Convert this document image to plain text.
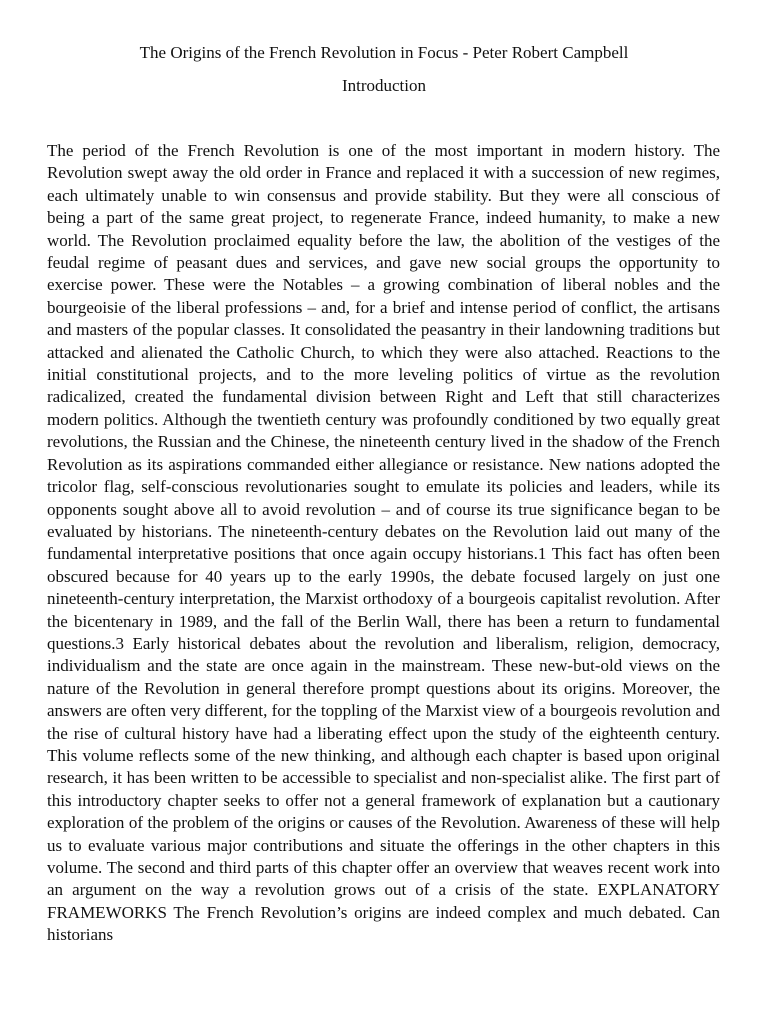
The Origins of the French Revolution in Focus - Peter Robert Campbell
Introduction

The period of the French Revolution is one of the most important in modern history. The Revolution swept away the old order in France and replaced it with a succession of new regimes, each ultimately unable to win consensus and provide stability. But they were all conscious of being a part of the same great project, to regenerate France, indeed humanity, to make a new world. The Revolution proclaimed equality before the law, the abolition of the vestiges of the feudal regime of peasant dues and services, and gave new social groups the opportunity to exercise power. These were the Notables – a growing combination of liberal nobles and the bourgeoisie of the liberal professions – and, for a brief and intense period of conflict, the artisans and masters of the popular classes. It consolidated the peasantry in their landowning traditions but attacked and alienated the Catholic Church, to which they were also attached. Reactions to the initial constitutional projects, and to the more leveling politics of virtue as the revolution radicalized, created the fundamental division between Right and Left that still characterizes modern politics. Although the twentieth century was profoundly conditioned by two equally great revolutions, the Russian and the Chinese, the nineteenth century lived in the shadow of the French Revolution as its aspirations commanded either allegiance or resistance. New nations adopted the tricolor flag, self-conscious revolutionaries sought to emulate its policies and leaders, while its opponents sought above all to avoid revolution – and of course its true significance began to be evaluated by historians. The nineteenth-century debates on the Revolution laid out many of the fundamental interpretative positions that once again occupy historians.1 This fact has often been obscured because for 40 years up to the early 1990s, the debate focused largely on just one nineteenth-century interpretation, the Marxist orthodoxy of a bourgeois capitalist revolution. After the bicentenary in 1989, and the fall of the Berlin Wall, there has been a return to fundamental questions.3 Early historical debates about the revolution and liberalism, religion, democracy, individualism and the state are once again in the mainstream. These new-but-old views on the nature of the Revolution in general therefore prompt questions about its origins. Moreover, the answers are often very different, for the toppling of the Marxist view of a bourgeois revolution and the rise of cultural history have had a liberating effect upon the study of the eighteenth century. This volume reflects some of the new thinking, and although each chapter is based upon original research, it has been written to be accessible to specialist and non-specialist alike. The first part of this introductory chapter seeks to offer not a general framework of explanation but a cautionary exploration of the problem of the origins or causes of the Revolution. Awareness of these will help us to evaluate various major contributions and situate the offerings in the other chapters in this volume. The second and third parts of this chapter offer an overview that weaves recent work into an argument on the way a revolution grows out of a crisis of the state. EXPLANATORY FRAMEWORKS The French Revolution’s origins are indeed complex and much debated. Can historians
